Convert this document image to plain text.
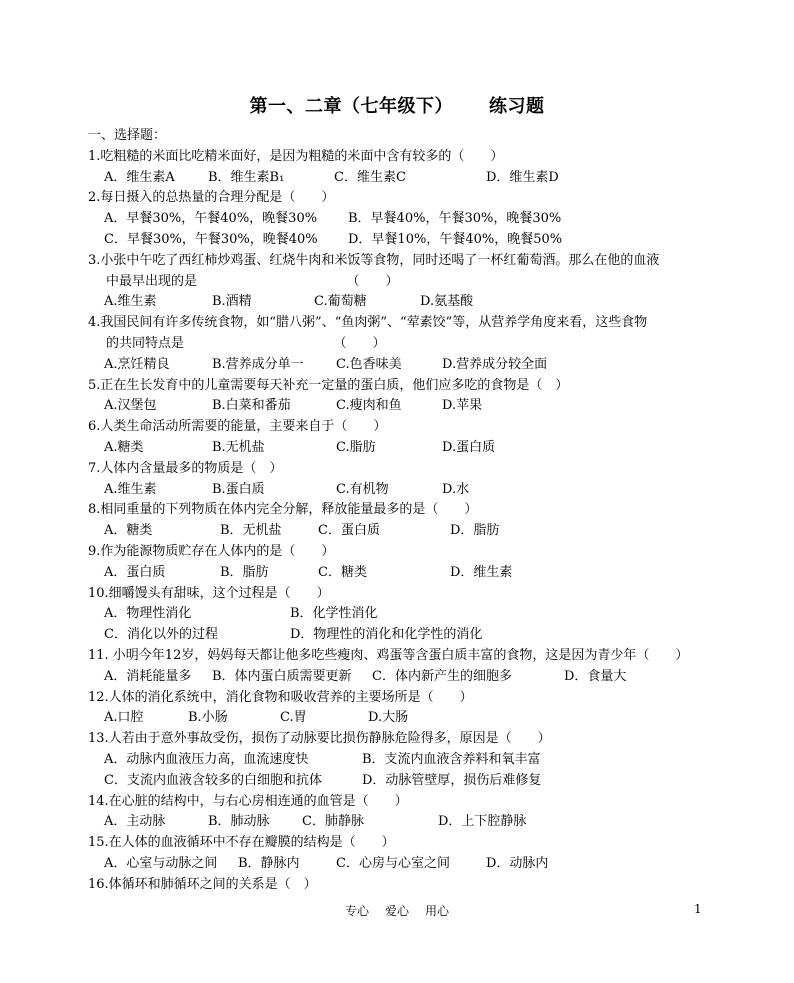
第一、二章（七年级下） 练习题
一、选择题：
1.吃粗糙的米面比吃精米面好，是因为粗糙的米面中含有较多的（　　）
A．维生素A	B．维生素B₁	C．维生素C	D．维生素D
2.每日摄入的总热量的合理分配是（　　）
A．早餐30%，午餐40%，晚餐30% B．早餐40%，午餐30%，晚餐30%
C．早餐30%，午餐30%，晚餐40% D．早餐10%，午餐40%，晚餐50%
3.小张中午吃了西红柿炒鸡蛋、红烧牛肉和米饭等食物，同时还喝了一杯红葡萄酒。那么在他的血液
中最早出现的是　　　　　　　　　　　　（　　）
A.维生素	B.酒精	C.葡萄糖	D.氨基酸
4.我国民间有许多传统食物，如“腊八粥”、“鱼肉粥”、“荤素饺”等，从营养学角度来看，这些食物
的共同特点是　　　　　　　　　　　　（　　）
A.烹饪精良	B.营养成分单一 C.色香味美	D.营养成分较全面
5.正在生长发育中的儿童需要每天补充一定量的蛋白质，他们应多吃的食物是（　）
A.汉堡包	B.白菜和番茄	C.瘦肉和鱼	D.苹果
6.人类生命活动所需要的能量，主要来自于（　　）
A.糖类	B.无机盐	C.脂肪	D.蛋白质
7.人体内含量最多的物质是（　）
A.维生素	B.蛋白质	C.有机物	D.水
8.相同重量的下列物质在体内完全分解，释放能量最多的是（　　）
A．糖类	B．无机盐	C．蛋白质	D．脂肪
9.作为能源物质贮存在人体内的是（　　）
A．蛋白质	B．脂肪	C．糖类	D．维生素
10.细嚼馒头有甜味，这个过程是（　　）
A．物理性消化	B．化学性消化
C．消化以外的过程	D．物理性的消化和化学性的消化
11. 小明今年12岁，妈妈每天都让他多吃些瘦肉、鸡蛋等含蛋白质丰富的食物，这是因为青少年（　　）
A．消耗能量多 B．体内蛋白质需要更新 C．体内新产生的细胞多	D．食量大
12.人体的消化系统中，消化食物和吸收营养的主要场所是（　　）
A.口腔	B.小肠	C.胃	D.大肠
13.人若由于意外事故受伤，损伤了动脉要比损伤静脉危险得多，原因是（　　）
A．动脉内血液压力高，血流速度快	B．支流内血液含养料和氧丰富
C．支流内血液含较多的白细胞和抗体	D．动脉管壁厚，损伤后难修复
14.在心脏的结构中，与右心房相连通的血管是（　　）
A．主动脉	B．肺动脉 C．肺静脉	D．上下腔静脉
15.在人体的血液循环中不存在瓣膜的结构是（　　）
A．心室与动脉之间 B．静脉内	C．心房与心室之间	D．动脉内
16.体循环和肺循环之间的关系是（　）
专心 爱心 用心	1
